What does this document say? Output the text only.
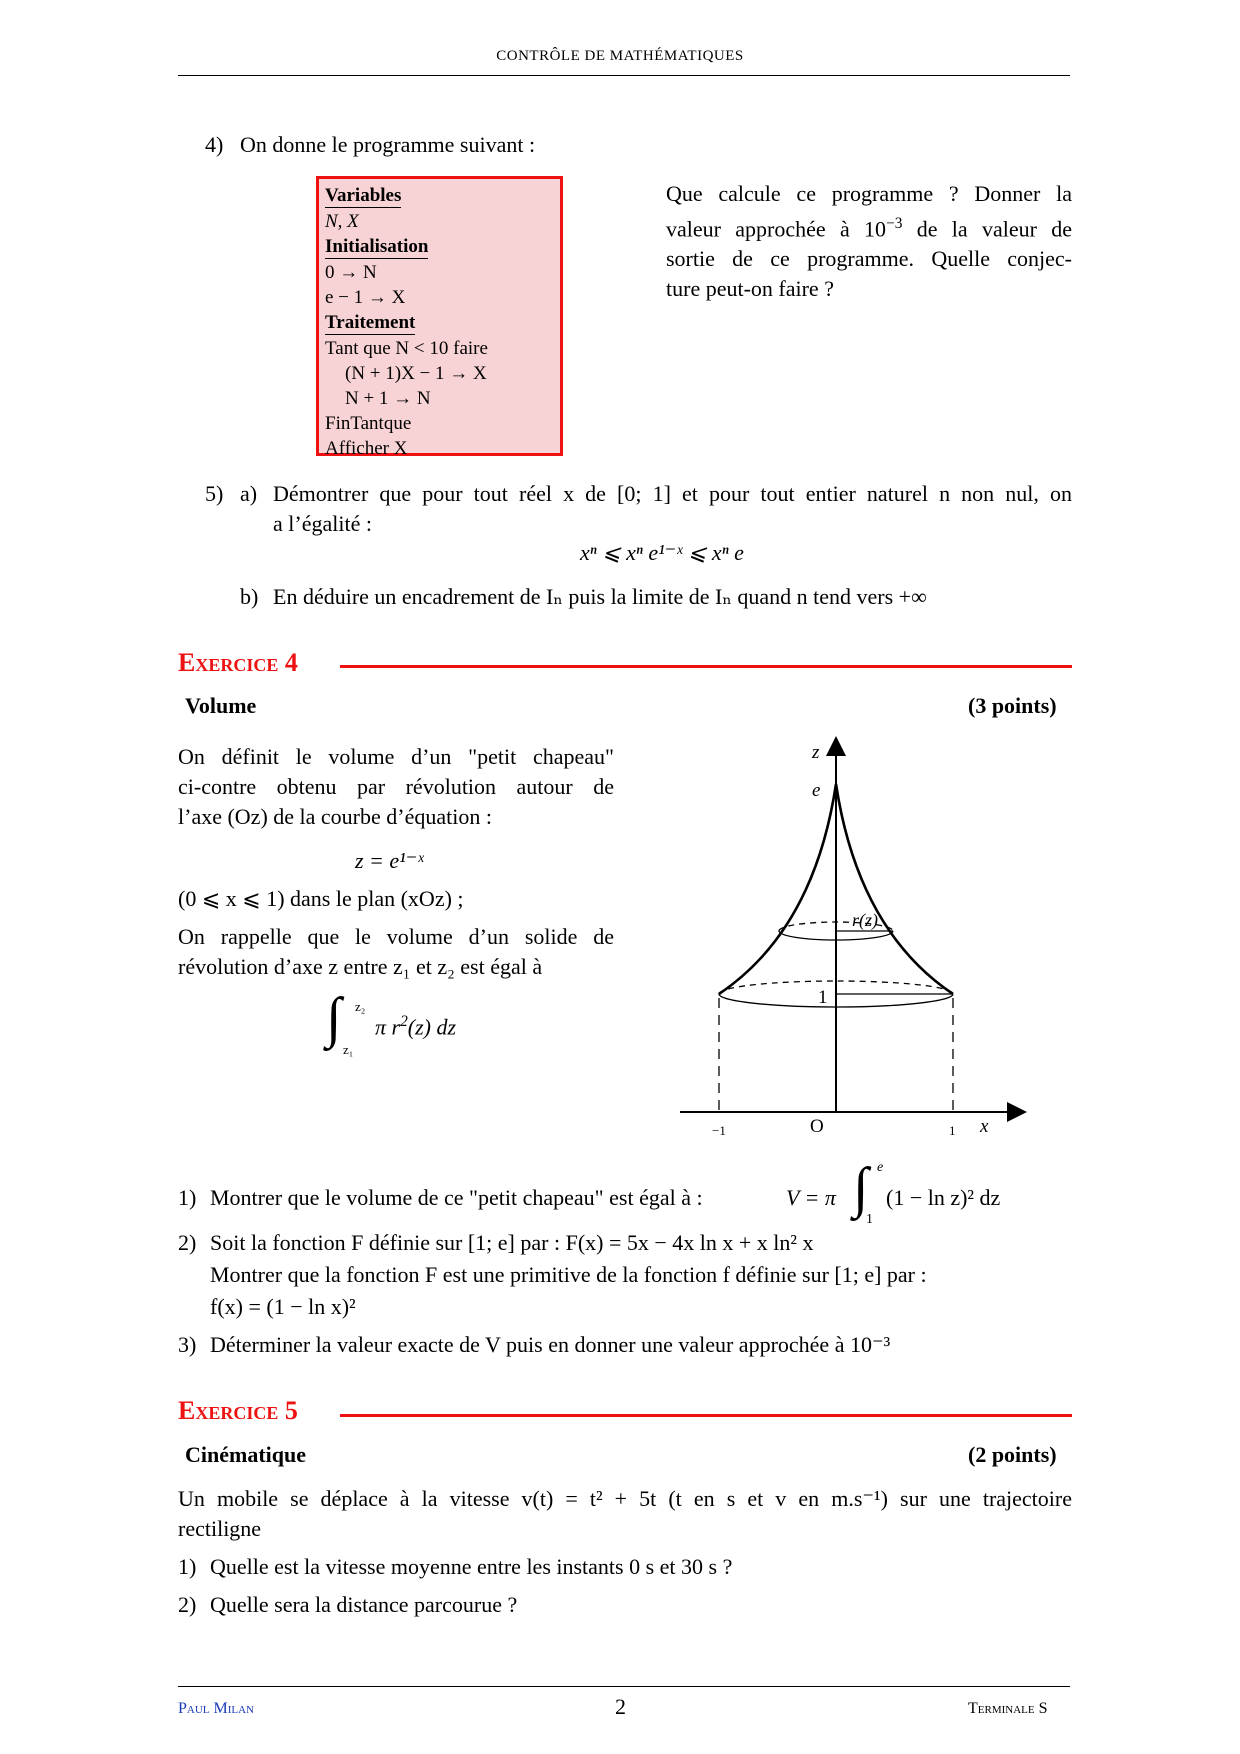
CONTRÔLE DE MATHÉMATIQUES
4) On donne le programme suivant :
Variables
N, X
Initialisation
0 → N
e − 1 → X
Traitement
Tant que N < 10 faire
(N + 1)X − 1 → X
N + 1 → N
FinTantque
Afficher X
Que calcule ce programme ? Donner la
valeur approchée à $10^{-3}$ de la valeur de
sortie de ce programme. Quelle conjec-
ture peut-on faire ?
5) a) Démontrer que pour tout réel x de [0; 1] et pour tout entier naturel n non nul, on
a l’égalité :
xⁿ ⩽ xⁿ e¹⁻ˣ ⩽ xⁿ e
b) En déduire un encadrement de Iₙ puis la limite de Iₙ quand n tend vers +∞
Exercice 4
Volume	(3 points)
On définit le volume d’un "petit chapeau"
ci-contre obtenu par révolution autour de
l’axe (Oz) de la courbe d’équation :
z = e¹⁻ˣ
(0 ⩽ x ⩽ 1) dans le plan (xOz) ;
On rappelle que le volume d’un solide de
révolution d’axe z entre z₁ et z₂ est égal à
∫ z₂
z₁
π $r^2(z)$ dz
z
e
r(z)
1
O	x
−1	1
1) Montrer que le volume de ce "petit chapeau" est égal à :	V = π ∫ e
1
(1 − ln z)² dz
2) Soit la fonction F définie sur [1; e] par : F(x) = 5x − 4x ln x + x ln² x
Montrer que la fonction F est une primitive de la fonction f définie sur [1; e] par :
f(x) = (1 − ln x)²
3) Déterminer la valeur exacte de V puis en donner une valeur approchée à 10⁻³
Exercice 5
Cinématique	(2 points)
Un mobile se déplace à la vitesse v(t) = t² + 5t (t en s et v en m.s⁻¹) sur une trajectoire
rectiligne
1) Quelle est la vitesse moyenne entre les instants 0 s et 30 s ?
2) Quelle sera la distance parcourue ?
Paul Milan	2	Terminale S
